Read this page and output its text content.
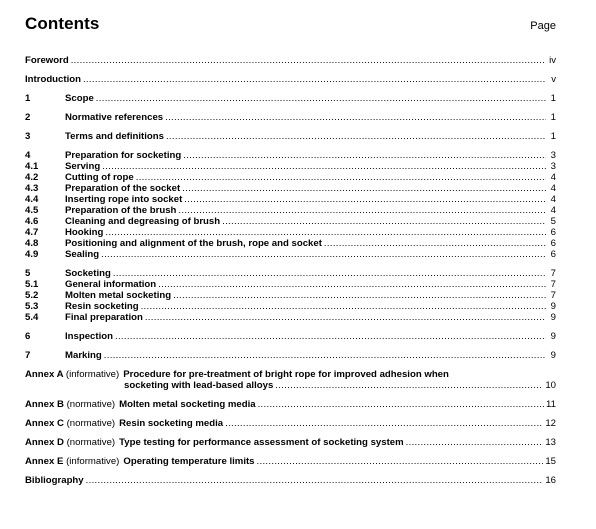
Contents	Page
Foreword .....	iv
Introduction .....	v
1	Scope .....	1
2	Normative references .....	1
3	Terms and definitions .....	1
4	Preparation for socketing .....	3
4.1	Serving .....	3
4.2	Cutting of rope .....	4
4.3	Preparation of the socket .....	4
4.4	Inserting rope into socket .....	4
4.5	Preparation of the brush .....	4
4.6	Cleaning and degreasing of brush .....	5
4.7	Hooking .....	6
4.8	Positioning and alignment of the brush, rope and socket .....	6
4.9	Sealing .....	6
5	Socketing .....	7
5.1	General information .....	7
5.2	Molten metal socketing .....	7
5.3	Resin socketing .....	9
5.4	Final preparation .....	9
6	Inspection .....	9
7	Marking .....	9
Annex A (informative) Procedure for pre-treatment of bright rope for improved adhesion when
socketing with lead-based alloys .....	10
Annex B (normative) Molten metal socketing media .....	11
Annex C (normative) Resin socketing media .....	12
Annex D (normative) Type testing for performance assessment of socketing system .....	13
Annex E (informative) Operating temperature limits .....	15
Bibliography .....	16
